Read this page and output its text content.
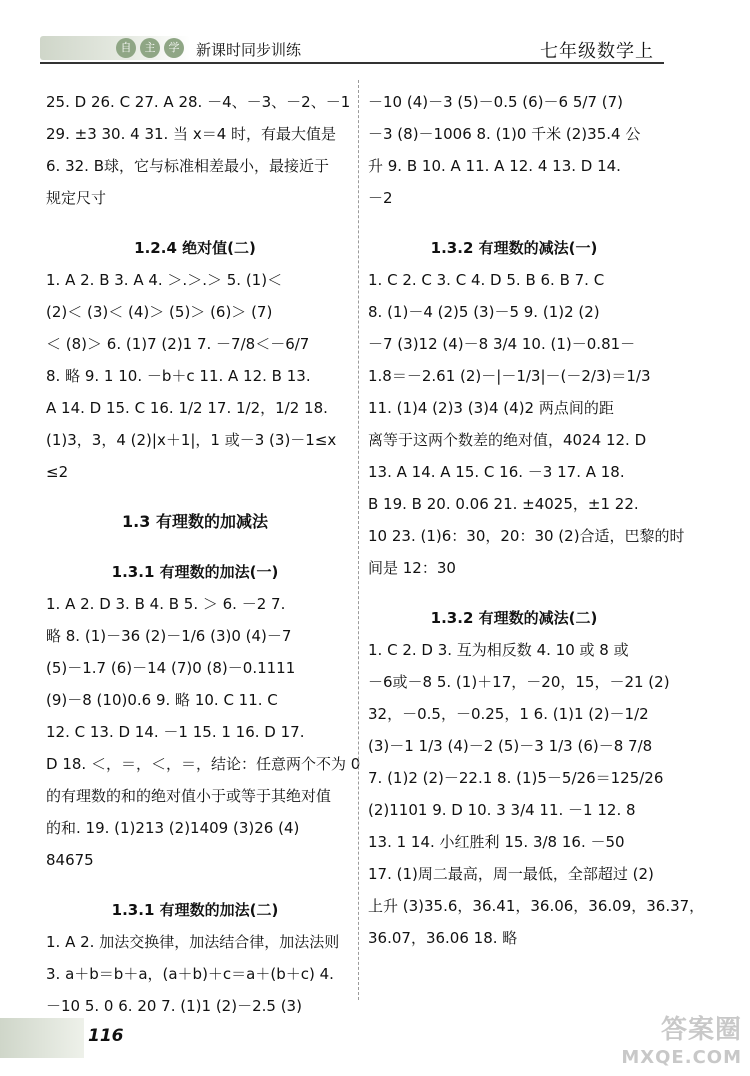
自	主	学	新课时同步训练	七年级数学上

25. D 26. C 27. A 28. －4、－3、－2、－1

29. ±3 30. 4 31. 当 x＝4 时，有最大值是

6. 32. B球，它与标准相差最小，最接近于

规定尺寸

1.2.4 绝对值(二)

1. A 2. B 3. A 4. ＞.＞.＞ 5. (1)＜

(2)＜ (3)＜ (4)＞ (5)＞ (6)＞ (7)

＜ (8)＞ 6. (1)7 (2)1 7. －7/8＜－6/7

8. 略 9. 1 10. －b＋c 11. A 12. B 13.

A 14. D 15. C 16. 1/2 17. 1/2，1/2 18.

(1)3，3，4 (2)|x＋1|，1 或－3 (3)－1≤x

≤2

1.3 有理数的加减法
1.3.1 有理数的加法(一)

1. A 2. D 3. B 4. B 5. ＞ 6. －2 7.

略 8. (1)－36 (2)－1/6 (3)0 (4)－7

(5)－1.7 (6)－14 (7)0 (8)－0.1111

(9)－8 (10)0.6 9. 略 10. C 11. C

12. C 13. D 14. －1 15. 1 16. D 17.

D 18. ＜，＝，＜，＝，结论：任意两个不为 0

的有理数的和的绝对值小于或等于其绝对值

的和. 19. (1)213 (2)1409 (3)26 (4)

84675

1.3.1 有理数的加法(二)

1. A 2. 加法交换律，加法结合律，加法法则

3. a＋b＝b＋a，(a＋b)＋c＝a＋(b＋c) 4.

－10 5. 0 6. 20 7. (1)1 (2)－2.5 (3)

－10 (4)－3 (5)－0.5 (6)－6 5/7 (7)

－3 (8)－1006 8. (1)0 千米 (2)35.4 公

升 9. B 10. A 11. A 12. 4 13. D 14.

－2

1.3.2 有理数的减法(一)

1. C 2. C 3. C 4. D 5. B 6. B 7. C

8. (1)－4 (2)5 (3)－5 9. (1)2 (2)

－7 (3)12 (4)－8 3/4 10. (1)－0.81－

1.8＝－2.61 (2)－|－1/3|－(－2/3)＝1/3

11. (1)4 (2)3 (3)4 (4)2 两点间的距

离等于这两个数差的绝对值，4024 12. D

13. A 14. A 15. C 16. －3 17. A 18.

B 19. B 20. 0.06 21. ±4025，±1 22.

10 23. (1)6：30，20：30 (2)合适，巴黎的时

间是 12：30

1.3.2 有理数的减法(二)

1. C 2. D 3. 互为相反数 4. 10 或 8 或

－6或－8 5. (1)＋17，－20，15，－21 (2)

32，－0.5，－0.25，1 6. (1)1 (2)－1/2

(3)－1 1/3 (4)－2 (5)－3 1/3 (6)－8 7/8

7. (1)2 (2)－22.1 8. (1)5－5/26＝125/26

(2)1101 9. D 10. 3 3/4 11. －1 12. 8

13. 1 14. 小红胜利 15. 3/8 16. －50

17. (1)周二最高，周一最低，全部超过 (2)

上升 (3)35.6，36.41，36.06，36.09，36.37，

36.07，36.06 18. 略

116	答案圈
MXQE.COM
